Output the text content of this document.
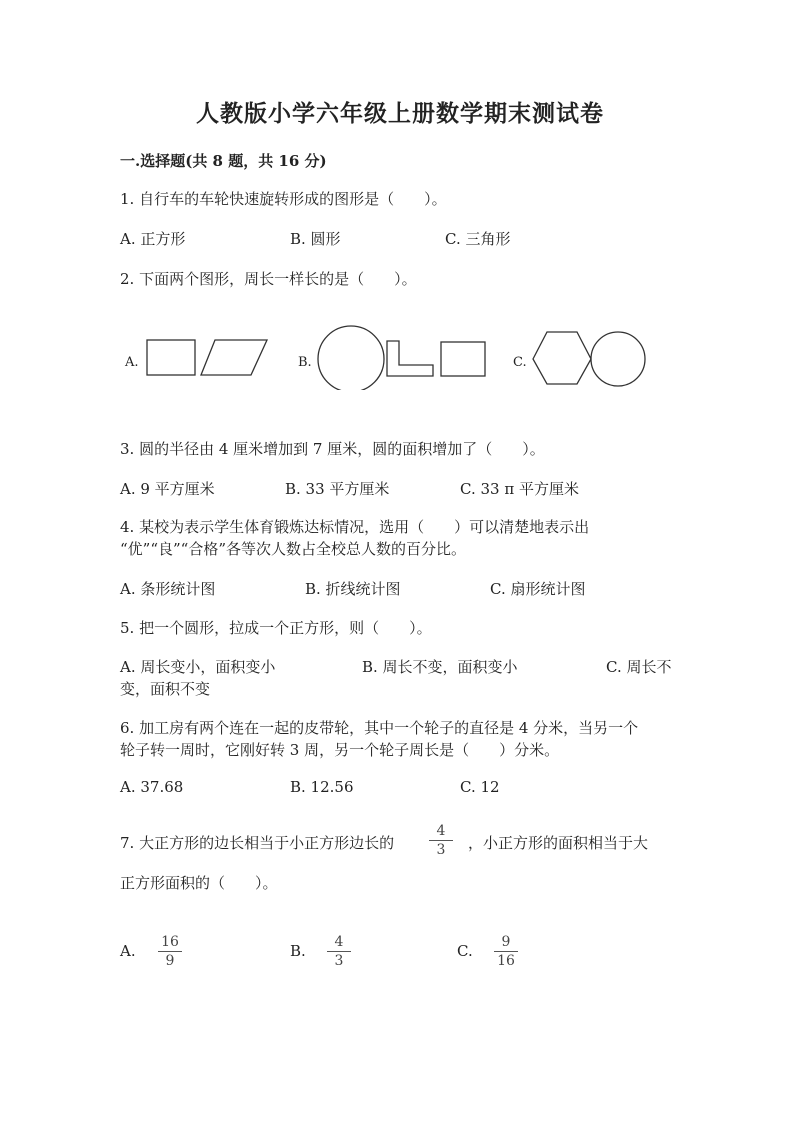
人教版小学六年级上册数学期末测试卷
一.选择题(共 8 题，共 16 分)
1. 自行车的车轮快速旋转形成的图形是（　　）。
A. 正方形	B. 圆形	C. 三角形
2. 下面两个图形，周长一样长的是（　　）。
A.	B.	C.
3. 圆的半径由 4 厘米增加到 7 厘米，圆的面积增加了（　　）。
A. 9 平方厘米	B. 33 平方厘米	C. 33 π 平方厘米
4. 某校为表示学生体育锻炼达标情况，选用（　　）可以清楚地表示出
“优”“良”“合格”各等次人数占全校总人数的百分比。
A. 条形统计图	B. 折线统计图	C. 扇形统计图
5. 把一个圆形，拉成一个正方形，则（　　）。
A. 周长变小，面积变小	B. 周长不变，面积变小	C. 周长不
变，面积不变
6. 加工房有两个连在一起的皮带轮，其中一个轮子的直径是 4 分米，当另一个
轮子转一周时，它刚好转 3 周，另一个轮子周长是（　　）分米。
A. 37.68	B. 12.56	C. 12
7. 大正方形的边长相当于小正方形边长的
4
3	，小正方形的面积相当于大
正方形面积的（　　）。
A. 16
9
B.	4
3
C.	9
16
